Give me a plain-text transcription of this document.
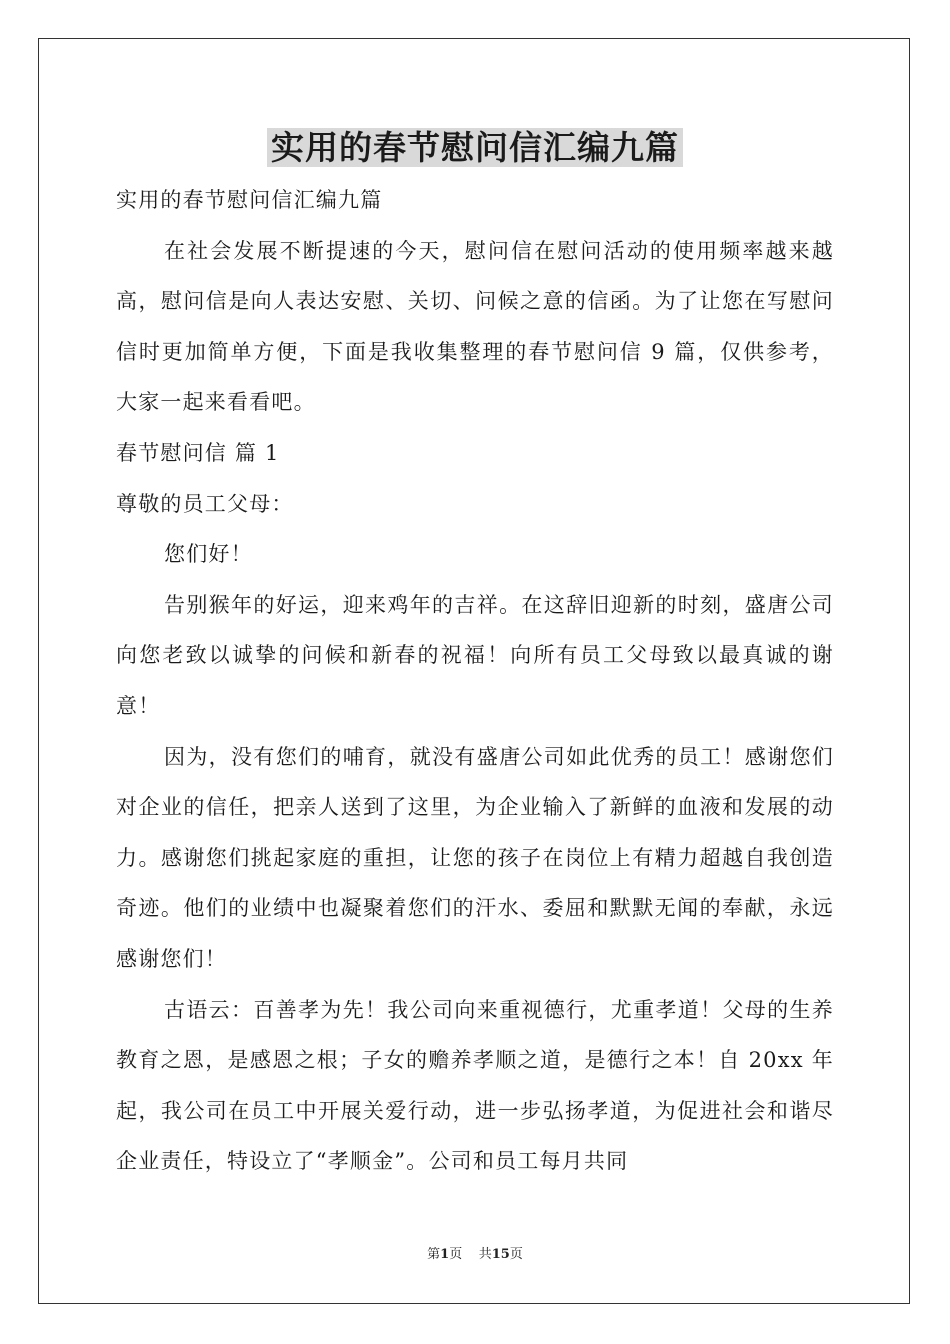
实用的春节慰问信汇编九篇

实用的春节慰问信汇编九篇

在社会发展不断提速的今天，慰问信在慰问活动的使用频率越来越高，慰问信是向人表达安慰、关切、问候之意的信函。为了让您在写慰问信时更加简单方便，下面是我收集整理的春节慰问信 9 篇，仅供参考，大家一起来看看吧。

春节慰问信 篇 1

尊敬的员工父母：

您们好！

告别猴年的好运，迎来鸡年的吉祥。在这辞旧迎新的时刻，盛唐公司向您老致以诚挚的问候和新春的祝福！向所有员工父母致以最真诚的谢意！

因为，没有您们的哺育，就没有盛唐公司如此优秀的员工！感谢您们对企业的信任，把亲人送到了这里，为企业输入了新鲜的血液和发展的动力。感谢您们挑起家庭的重担，让您的孩子在岗位上有精力超越自我创造奇迹。他们的业绩中也凝聚着您们的汗水、委屈和默默无闻的奉献，永远感谢您们！

古语云：百善孝为先！我公司向来重视德行，尤重孝道！父母的生养教育之恩，是感恩之根；子女的赡养孝顺之道，是德行之本！自 20xx 年起，我公司在员工中开展关爱行动，进一步弘扬孝道，为促进社会和谐尽企业责任，特设立了“孝顺金”。公司和员工每月共同

第1页    共15页
